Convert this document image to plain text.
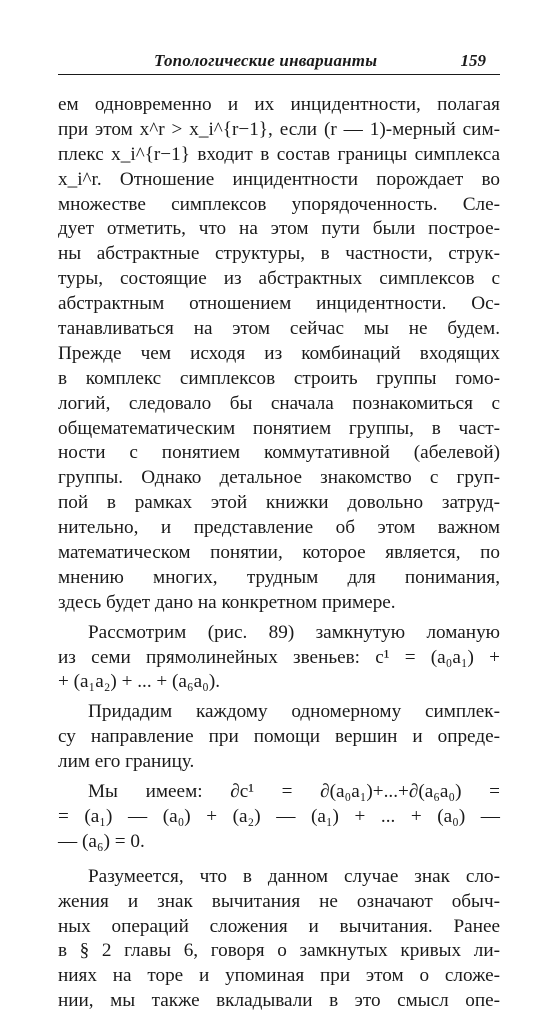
Топологические инварианты	159
ем одновременно и их инцидентности, полагая
при этом x^r > x_i^{r−1}, если (r — 1)-мерный сим-
плекс x_i^{r−1} входит в состав границы симплекса
x_i^r. Отношение инцидентности порождает во
множестве симплексов упорядоченность. Сле-
дует отметить, что на этом пути были построе-
ны абстрактные структуры, в частности, струк-
туры, состоящие из абстрактных симплексов с
абстрактным отношением инцидентности. Ос-
танавливаться на этом сейчас мы не будем.
Прежде чем исходя из комбинаций входящих
в комплекс симплексов строить группы гомо-
логий, следовало бы сначала познакомиться с
общематематическим понятием группы, в част-
ности с понятием коммутативной (абелевой)
группы. Однако детальное знакомство с груп-
пой в рамках этой книжки довольно затруд-
нительно, и представление об этом важном
математическом понятии, которое является, по
мнению многих, трудным для понимания,
здесь будет дано на конкретном примере.
Рассмотрим (рис. 89) замкнутую ломаную
из семи прямолинейных звеньев: c¹ = (a₀a₁) +
+ (a₁a₂) + ... + (a₆a₀).
Придадим каждому одномерному симплек-
су направление при помощи вершин и опреде-
лим его границу.
Мы имеем: ∂c¹ = ∂(a₀a₁)+...+∂(a₆a₀) =
= (a₁) — (a₀) + (a₂) — (a₁) + ... + (a₀) —
— (a₆) = 0.
Разумеется, что в данном случае знак сло-
жения и знак вычитания не означают обыч-
ных операций сложения и вычитания. Ранее
в § 2 главы 6, говоря о замкнутых кривых ли-
ниях на торе и упоминая при этом о сложе-
нии, мы также вкладывали в это смысл опе-
